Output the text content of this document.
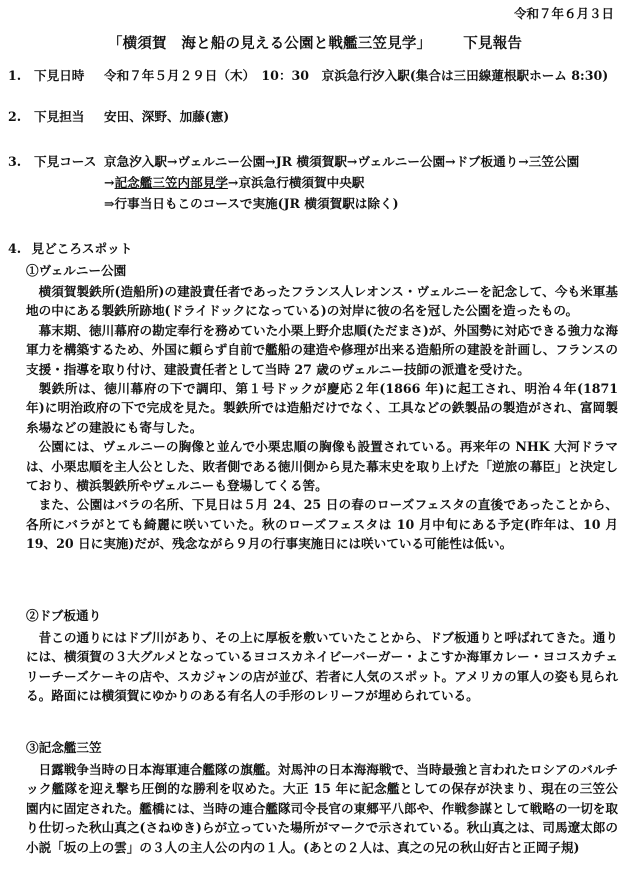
令和７年６月３日
「横須賀　海と船の見える公園と戦艦三笠見学」 下見報告
1. 下見日時 令和７年５月２９日（木）　10：30　京浜急行汐入駅(集合は三田線蓮根駅ホーム 8:30)
2. 下見担当 安田、深野、加藤(憲)
3. 下見コース 京急汐入駅→ヴェルニー公園→JR 横須賀駅→ヴェルニー公園→ドブ板通り→三笠公園
→記念艦三笠内部見学→京浜急行横須賀中央駅
⇒行事当日もこのコースで実施(JR 横須賀駅は除く)
4. 見どころスポット
①ヴェルニー公園

横須賀製鉄所(造船所)の建設責任者であったフランス人レオンス・ヴェルニーを記念して、今も米軍基地の中にある製鉄所跡地(ドライドックになっている)の対岸に彼の名を冠した公園を造ったもの。

幕末期、徳川幕府の勘定奉行を務めていた小栗上野介忠順(ただまさ)が、外国勢に対応できる強力な海軍力を構築するため、外国に頼らず自前で艦船の建造や修理が出来る造船所の建設を計画し、フランスの支援・指導を取り付け、建設責任者として当時 27 歳のヴェルニー技師の派遣を受けた。

製鉄所は、徳川幕府の下で調印、第１号ドックが慶応２年(1866 年)に起工され、明治４年(1871 年)に明治政府の下で完成を見た。製鉄所では造船だけでなく、工具などの鉄製品の製造がされ、富岡製糸場などの建設にも寄与した。

公園には、ヴェルニーの胸像と並んで小栗忠順の胸像も設置されている。再来年の NHK 大河ドラマは、小栗忠順を主人公とした、敗者側である徳川側から見た幕末史を取り上げた「逆旅の幕臣」と決定しており、横浜製鉄所やヴェルニーも登場してくる筈。

また、公園はバラの名所、下見日は５月 24、25 日の春のローズフェスタの直後であったことから、各所にバラがとても綺麗に咲いていた。秋のローズフェスタは 10 月中旬にある予定(昨年は、10 月 19、20 日に実施)だが、残念ながら９月の行事実施日には咲いている可能性は低い。

②ドブ板通り

昔この通りにはドブ川があり、その上に厚板を敷いていたことから、ドブ板通りと呼ばれてきた。通りには、横須賀の３大グルメとなっているヨコスカネイビーバーガー・よこすか海軍カレー・ヨコスカチェリーチーズケーキの店や、スカジャンの店が並び、若者に人気のスポット。アメリカの軍人の姿も見られる。路面には横須賀にゆかりのある有名人の手形のレリーフが埋められている。

③記念艦三笠

日露戦争当時の日本海軍連合艦隊の旗艦。対馬沖の日本海海戦で、当時最強と言われたロシアのバルチック艦隊を迎え撃ち圧倒的な勝利を収めた。大正 15 年に記念艦としての保存が決まり、現在の三笠公園内に固定された。艦橋には、当時の連合艦隊司令長官の東郷平八郎や、作戦参謀として戦略の一切を取り仕切った秋山真之(さねゆき)らが立っていた場所がマークで示されている。秋山真之は、司馬遼太郎の小説「坂の上の雲」の３人の主人公の内の１人。(あとの２人は、真之の兄の秋山好古と正岡子規)
